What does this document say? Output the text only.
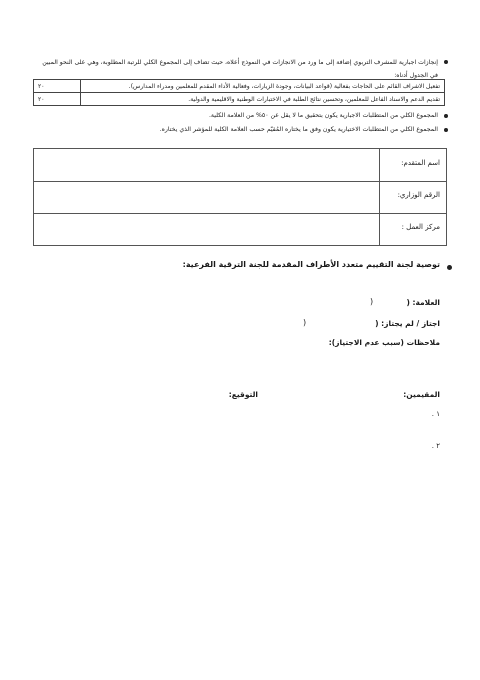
إنجازات اجبارية للمشرف التربوي إضافة إلى ما ورد من الانجازات في النموذج أعلاه، حيث تضاف إلى المجموع الكلي للرتبة المطلوبة، وهي على النحو المبين في الجدول أدناه:
تفعيل الاشراف القائم على الحاجات بفعالية (قواعد البيانات، وجودة الزيارات، وفعالية الأداء المقدم للمعلمين ومدراء المدارس).	٢٠
تقديم الدعم والاسناد الفاعل للمعلمين، وتحسين نتائج الطلبة في الاختبارات الوطنية والاقليمية والدولية.	٢٠
المجموع الكلي من المتطلبات الاجبارية يكون بتحقيق ما لا يقل عن ٥٠% من العلامة الكلية.
المجموع الكلي من المتطلبات الاختيارية يكون وفق ما يختاره المُقيّم حسب العلامة الكلية للمؤشر الذي يختاره.
اسم المتقدم:
الرقم الوزاري:
مركز العمل :
توصية لجنة التقييم متعدد الأطراف المقدمة للجنة الترقية الفرعية:
العلامة: (
)
اجتاز / لم يجتاز: (
)
ملاحظات (سبب عدم الاجتياز):
المقيمين:
التوقيع:
١ .
٢ .
